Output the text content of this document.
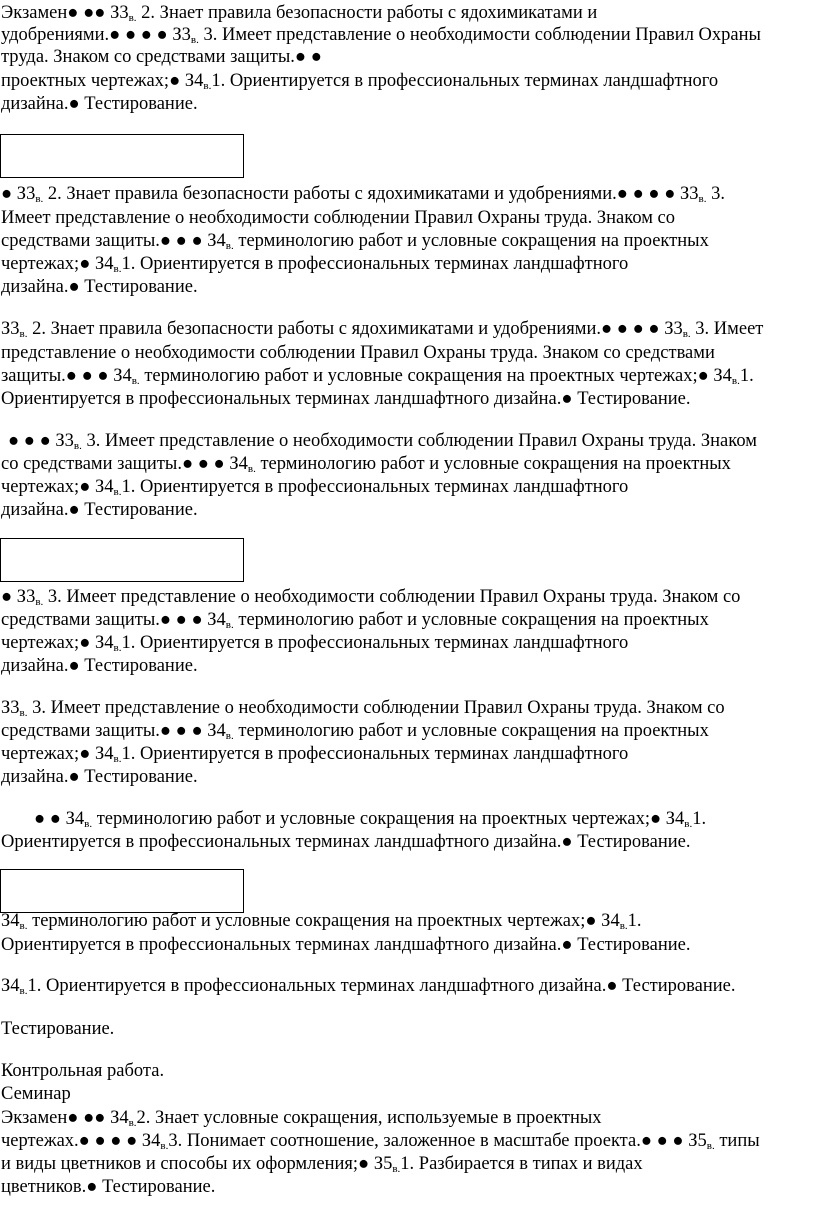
Экзамен● ●● $З3_{в.}$ 2. Знает правила безопасности работы с ядохимикатами и
удобрениями.● ● ● ● $З3_{в.}$ 3. Имеет представление о необходимости соблюдении Правил Охраны
труда. Знаком со средствами защиты.● ●
проектных чертежах;● $З4_{в.}1$. Ориентируется в профессиональных терминах ландшафтного
дизайна.● Тестирование.
● $З3_{в.}$ 2. Знает правила безопасности работы с ядохимикатами и удобрениями.● ● ● ● $З3_{в.}$ 3.
Имеет представление о необходимости соблюдении Правил Охраны труда. Знаком со
средствами защиты.● ● ● $З4_{в.}$ терминологию работ и условные сокращения на проектных
чертежах;● $З4_{в.}1$. Ориентируется в профессиональных терминах ландшафтного
дизайна.● Тестирование.
$З3_{в.}$ 2. Знает правила безопасности работы с ядохимикатами и удобрениями.● ● ● ● $З3_{в.}$ 3. Имеет
представление о необходимости соблюдении Правил Охраны труда. Знаком со средствами
защиты.● ● ● $З4_{в.}$ терминологию работ и условные сокращения на проектных чертежах;● $З4_{в.}1$.
Ориентируется в профессиональных терминах ландшафтного дизайна.● Тестирование.
● ● ● $З3_{в.}$ 3. Имеет представление о необходимости соблюдении Правил Охраны труда. Знаком
со средствами защиты.● ● ● $З4_{в.}$ терминологию работ и условные сокращения на проектных
чертежах;● $З4_{в.}1$. Ориентируется в профессиональных терминах ландшафтного
дизайна.● Тестирование.
● $З3_{в.}$ 3. Имеет представление о необходимости соблюдении Правил Охраны труда. Знаком со
средствами защиты.● ● ● $З4_{в.}$ терминологию работ и условные сокращения на проектных
чертежах;● $З4_{в.}1$. Ориентируется в профессиональных терминах ландшафтного
дизайна.● Тестирование.
$З3_{в.}$ 3. Имеет представление о необходимости соблюдении Правил Охраны труда. Знаком со
средствами защиты.● ● ● $З4_{в.}$ терминологию работ и условные сокращения на проектных
чертежах;● $З4_{в.}1$. Ориентируется в профессиональных терминах ландшафтного
дизайна.● Тестирование.
● ● $З4_{в.}$ терминологию работ и условные сокращения на проектных чертежах;● $З4_{в.}1$.
Ориентируется в профессиональных терминах ландшафтного дизайна.● Тестирование.
$З4_{в.}$ терминологию работ и условные сокращения на проектных чертежах;● $З4_{в.}1$.
Ориентируется в профессиональных терминах ландшафтного дизайна.● Тестирование.
$З4_{в.}1$. Ориентируется в профессиональных терминах ландшафтного дизайна.● Тестирование.
Тестирование.
Контрольная работа.
Семинар
Экзамен● ●● $З4_{в.}2$. Знает условные сокращения, используемые в проектных
чертежах.● ● ● ● $З4_{в.}3$. Понимает соотношение, заложенное в масштабе проекта.● ● ● $З5_{в.}$ типы
и виды цветников и способы их оформления;● $З5_{в.}1$. Разбирается в типах и видах
цветников.● Тестирование.
